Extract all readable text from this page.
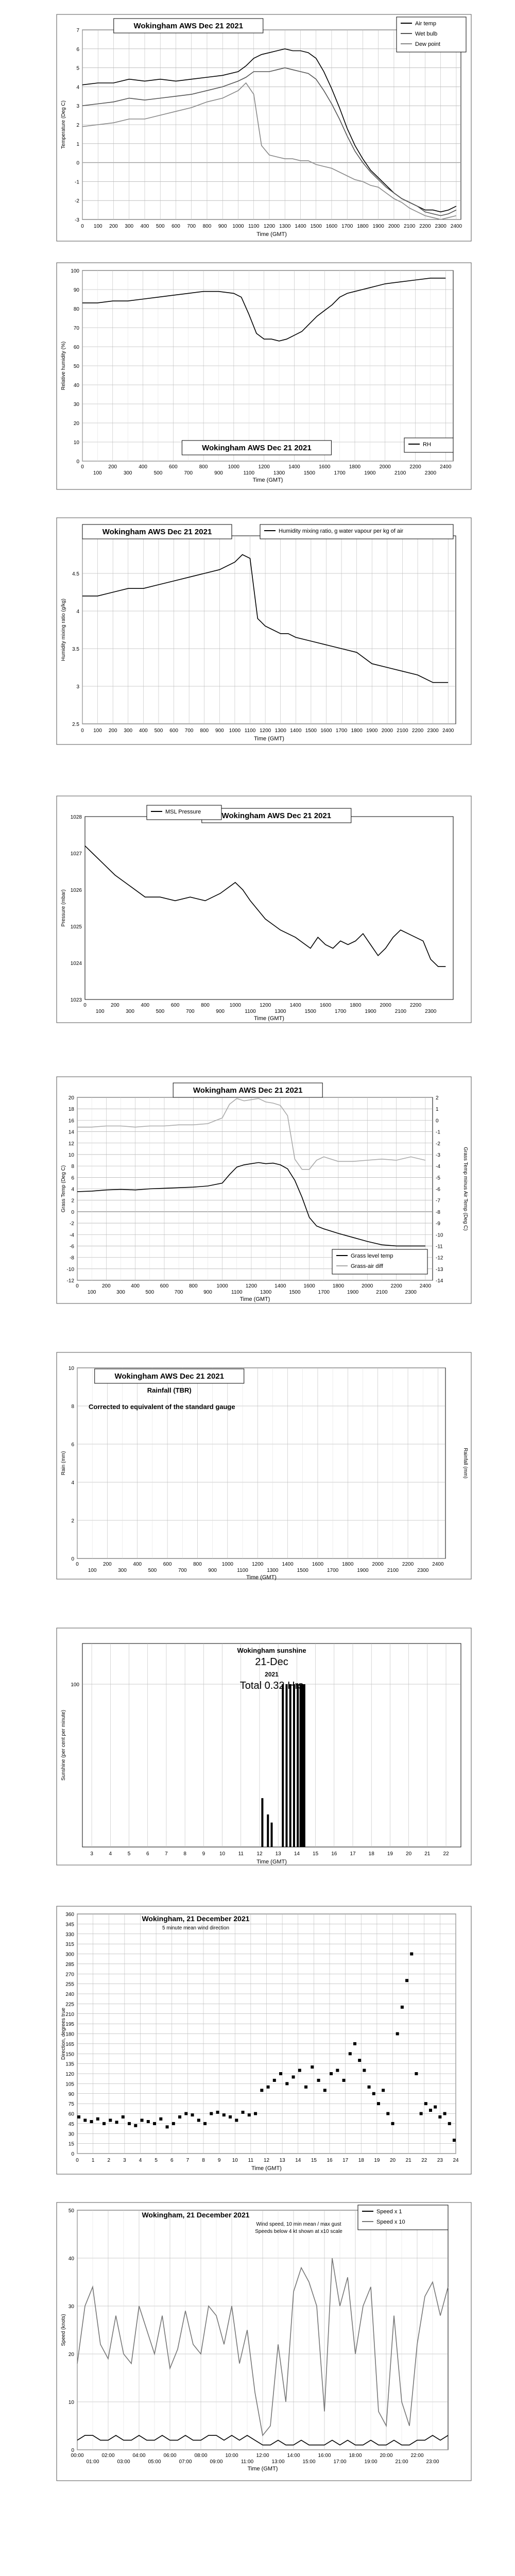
-3
-2
-1
0
1
2
3
4
5
6
7
0 100 200 300 400 500 600 700 800 900 1000 1100 1200 1300 1400 1500 1600 1700 1800 1900 2000 2100 2200 2300 2400
Time (GMT)
Temperature (Deg C)
Wokingham AWS Dec 21 2021	Air temp
Wet bulb
Dew point
0
10
20
30
40
50
60
70
80
90
100
0	200	400	600	800	1000	1200	1400	1600	1800	2000	2200	2400
100	300	500	700	900	1100	1300	1500	1700	1900	2100	2300
Time (GMT)
Relative humidity (%)
Wokingham AWS Dec 21 2021	RH
2.5
3
3.5
4
4.5
0 100 200 300 400 500 600 700 800 900 1000 1100 1200 1300 1400 1500 1600 1700 1800 1900 2000 2100 2200 2300 2400
Time (GMT)
Humidity mixing ratio (g/kg)
Wokingham AWS Dec 21 2021	Humidity mixing ratio, g water vapour per kg of air
1023
1024
1025
1026
1027
1028
0	200	400	600	800	1000	1200	1400	1600	1800	2000	2200
100	300	500	700	900	1100	1300	1500	1700	1900	2100	2300
Time (GMT)
Pressure (mbar)
Wokingham AWS Dec 21 2021
MSL Pressure
-12
-10
-8
-6
-4
-2
0
2
4
6
8
10
12
14
16
18
20
-14
-13
-12
-11
-10
-9
-8
-7
-6
-5
-4
-3
-2
-1
0
1
2
0	200	400	600	800	1000	1200	1400	1600	1800	2000	2200	2400
100	300	500	700	900	1100	1300	1500	1700	1900	2100	2300
Time (GMT)
Grass Temp (Deg C)	Grass Temp minus Air Temp (Deg C)
Wokingham AWS Dec 21 2021
Grass level temp
Grass-air diff
0
2
4
6
8
10
0	200	400	600	800	1000	1200	1400	1600	1800	2000	2200	2400
100	300	500	700	900	1100	1300	1500	1700	1900	2100	2300
Time (GMT)
Rain (mm)	Rainfall (mm)
Wokingham AWS Dec 21 2021
Rainfall (TBR)
Corrected to equivalent of the standard gauge
100
3	4	5	6	7	8	9	10	11	12	13	14	15	16	17	18	19	20	21	22
Time (GMT)
Sunshine (per cent per minute)
Wokingham sunshine
21-Dec
2021
Total 0.32 Hrs
0
15
30
45
60
75
90
105
120
135
150
165
180
195
210
225
240
255
270
285
300
315
330
345
360
0	1	2	3	4	5	6	7	8	9 10 11 12 13 14 15 16 17 18 19 20 21 22 23 24
Time (GMT)
Direction, degrees true
Wokingham, 21 December 2021
5 minute mean wind direction
0
10
20
30
40
50
00:00	02:00	04:00	06:00	08:00	10:00	12:00	14:00	16:00	18:00	20:00	22:00
01:00	03:00	05:00	07:00	09:00	11:00	13:00	15:00	17:00	19:00	21:00	23:00
Time (GMT)
Speed (knots)
Wokingham, 21 December 2021
Wind speed, 10 min mean / max gust
Speeds below 4 kt shown at x10 scale
Speed x 1
Speed x 10
